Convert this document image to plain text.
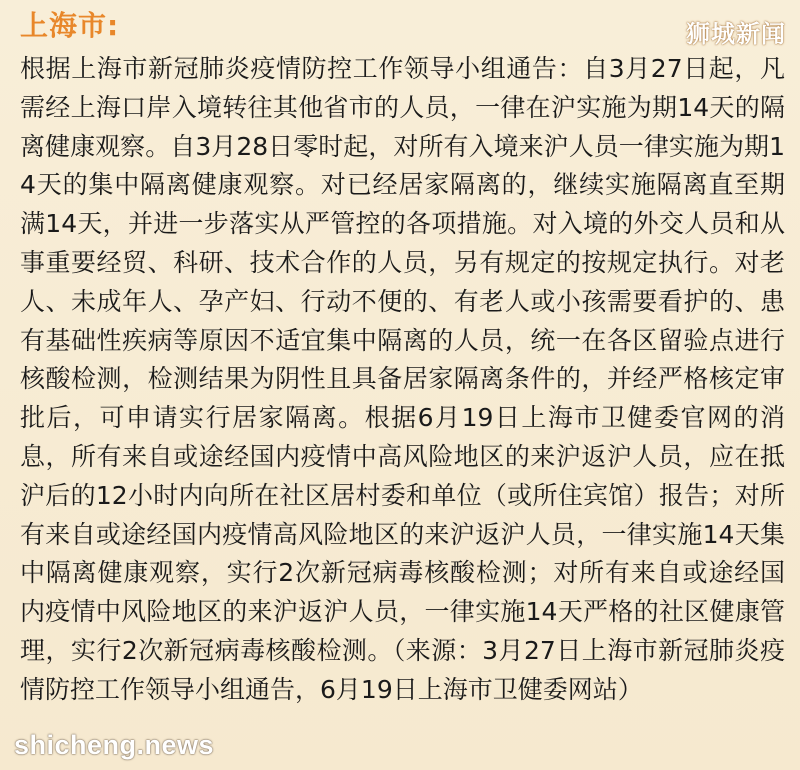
上海市:	狮城新闻

根据上海市新冠肺炎疫情防控工作领导小组通告：自3月27日起，凡需经上海口岸入境转往其他省市的人员，一律在沪实施为期14天的隔离健康观察。自3月28日零时起，对所有入境来沪人员一律实施为期14天的集中隔离健康观察。对已经居家隔离的，继续实施隔离直至期满14天，并进一步落实从严管控的各项措施。对入境的外交人员和从事重要经贸、科研、技术合作的人员，另有规定的按规定执行。对老人、未成年人、孕产妇、行动不便的、有老人或小孩需要看护的、患有基础性疾病等原因不适宜集中隔离的人员，统一在各区留验点进行核酸检测，检测结果为阴性且具备居家隔离条件的，并经严格核定审批后，可申请实行居家隔离。根据6月19日上海市卫健委官网的消息，所有来自或途经国内疫情中高风险地区的来沪返沪人员，应在抵沪后的12小时内向所在社区居村委和单位（或所住宾馆）报告；对所有来自或途经国内疫情高风险地区的来沪返沪人员，一律实施14天集中隔离健康观察，实行2次新冠病毒核酸检测；对所有来自或途经国内疫情中风险地区的来沪返沪人员，一律实施14天严格的社区健康管理，实行2次新冠病毒核酸检测。（来源：3月27日上海市新冠肺炎疫情防控工作领导小组通告，6月19日上海市卫健委网站）

shicheng.news
